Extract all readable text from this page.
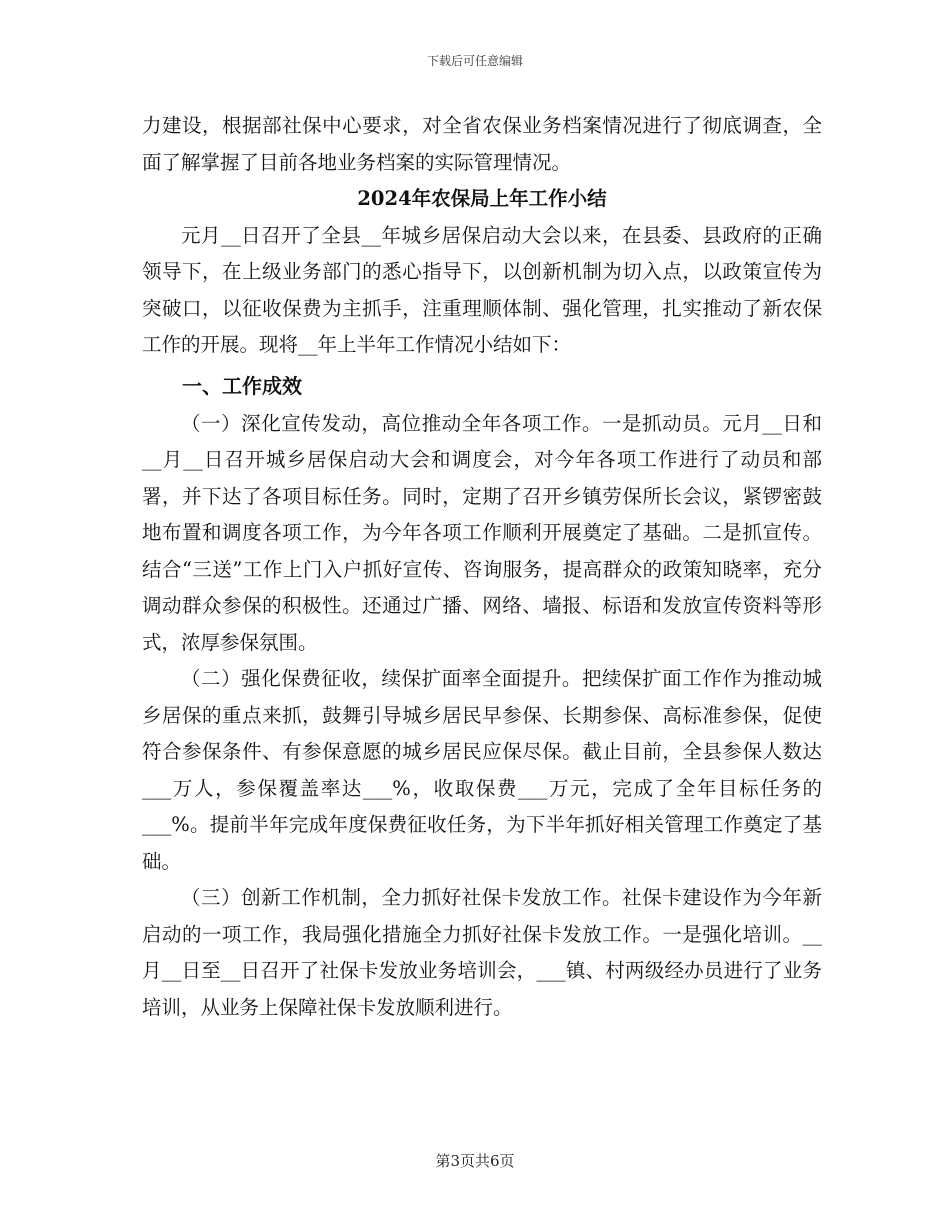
下载后可任意编辑

力建设，根据部社保中心要求，对全省农保业务档案情况进行了彻底调查，全面了解掌握了目前各地业务档案的实际管理情况。

2024年农保局上年工作小结

元月__日召开了全县__年城乡居保启动大会以来，在县委、县政府的正确领导下，在上级业务部门的悉心指导下，以创新机制为切入点，以政策宣传为突破口，以征收保费为主抓手，注重理顺体制、强化管理，扎实推动了新农保工作的开展。现将__年上半年工作情况小结如下：

一、工作成效

（一）深化宣传发动，高位推动全年各项工作。一是抓动员。元月__日和__月__日召开城乡居保启动大会和调度会，对今年各项工作进行了动员和部署，并下达了各项目标任务。同时，定期了召开乡镇劳保所长会议，紧锣密鼓地布置和调度各项工作，为今年各项工作顺利开展奠定了基础。二是抓宣传。结合“三送”工作上门入户抓好宣传、咨询服务，提高群众的政策知晓率，充分调动群众参保的积极性。还通过广播、网络、墙报、标语和发放宣传资料等形式，浓厚参保氛围。

（二）强化保费征收，续保扩面率全面提升。把续保扩面工作作为推动城乡居保的重点来抓，鼓舞引导城乡居民早参保、长期参保、高标准参保，促使符合参保条件、有参保意愿的城乡居民应保尽保。截止目前，全县参保人数达___万人，参保覆盖率达___%，收取保费___万元，完成了全年目标任务的___%。提前半年完成年度保费征收任务，为下半年抓好相关管理工作奠定了基础。

（三）创新工作机制，全力抓好社保卡发放工作。社保卡建设作为今年新启动的一项工作，我局强化措施全力抓好社保卡发放工作。一是强化培训。__月__日至__日召开了社保卡发放业务培训会，___镇、村两级经办员进行了业务培训，从业务上保障社保卡发放顺利进行。

第3页共6页
